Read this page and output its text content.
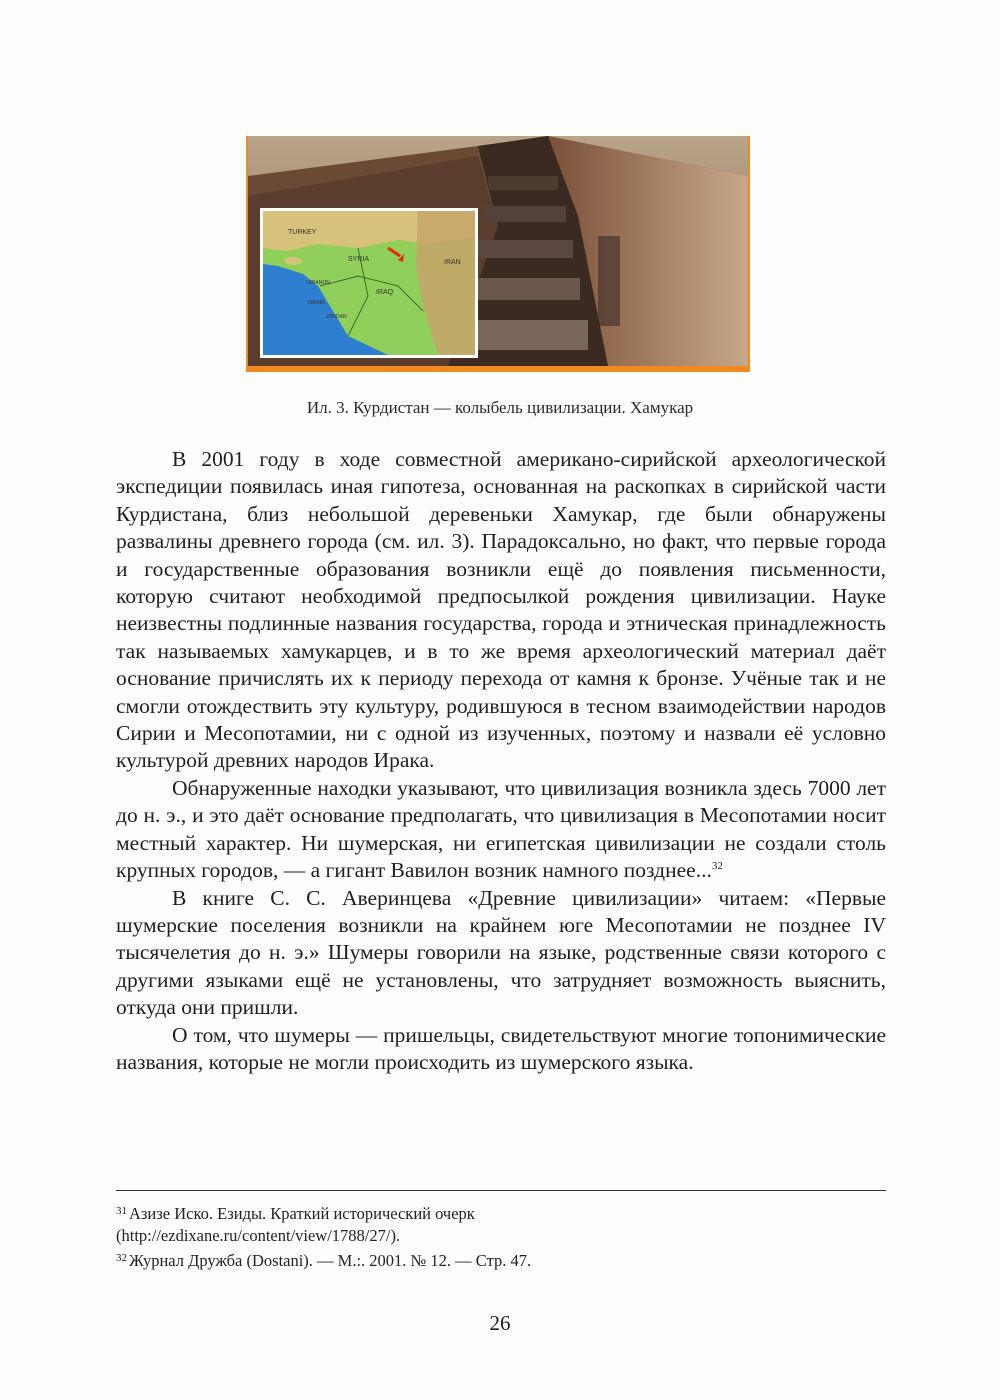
TURKEY
SYRIA
IRAQ
IRAN
LEBANON
ISRAEL
JORDAN
Ил. 3. Курдистан — колыбель цивилизации. Хамукар

В 2001 году в ходе совместной американо-сирийской археологической экспедиции появилась иная гипотеза, основанная на раскопках в сирийской части Курдистана, близ небольшой деревеньки Хамукар, где были обнаружены развалины древнего города (см. ил. 3). Парадоксально, но факт, что первые города и государственные образования возникли ещё до появления письменности, которую считают необходимой предпосылкой рождения цивилизации. Науке неизвестны подлинные названия государства, города и этническая принадлежность так называемых хамукарцев, и в то же время археологический материал даёт основание причислять их к периоду перехода от камня к бронзе. Учёные так и не смогли отождествить эту культуру, родившуюся в тесном взаимодействии народов Сирии и Месопотамии, ни с одной из изученных, поэтому и назвали её условно культурой древних народов Ирака.

Обнаруженные находки указывают, что цивилизация возникла здесь 7000 лет до н. э., и это даёт основание предполагать, что цивилизация в Месопотамии носит местный характер. Ни шумерская, ни египетская цивилизации не создали столь крупных городов, — а гигант Вавилон возник намного позднее...$^{32}$

В книге С. С. Аверинцева «Древние цивилизации» читаем: «Первые шумерские поселения возникли на крайнем юге Месопотамии не позднее IV тысячелетия до н. э.» Шумеры говорили на языке, родственные связи которого с другими языками ещё не установлены, что затрудняет возможность выяснить, откуда они пришли.

О том, что шумеры — пришельцы, свидетельствуют многие топонимические названия, которые не могли происходить из шумерского языка.

$^{31}$ Азизе Иско. Езиды. Краткий исторический очерк
(http://ezdixane.ru/content/view/1788/27/).
$^{32}$ Журнал Дружба (Dostani). — М.:. 2001. № 12. — Стр. 47.
26
